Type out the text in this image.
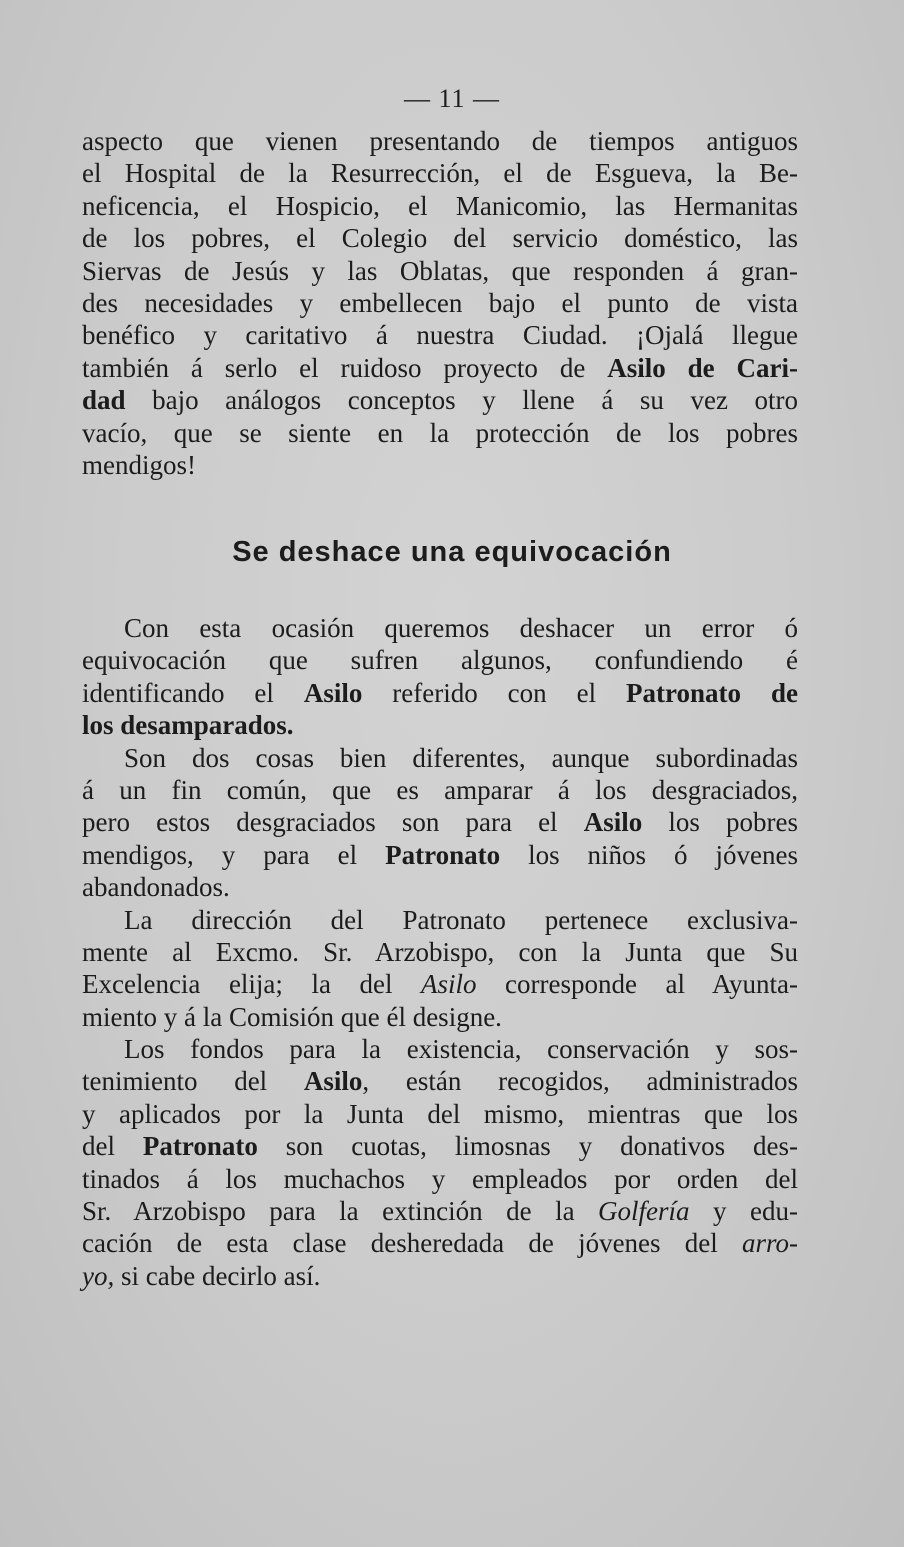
— 11 —
aspecto que vienen presentando de tiempos antiguos
el Hospital de la Resurrección, el de Esgueva, la Be-
neficencia, el Hospicio, el Manicomio, las Hermanitas
de los pobres, el Colegio del servicio doméstico, las
Siervas de Jesús y las Oblatas, que responden á gran-
des necesidades y embellecen bajo el punto de vista
benéfico y caritativo á nuestra Ciudad. ¡Ojalá llegue
también á serlo el ruidoso proyecto de Asilo de Cari-
dad bajo análogos conceptos y llene á su vez otro
vacío, que se siente en la protección de los pobres
mendigos!
Se deshace una equivocación
Con esta ocasión queremos deshacer un error ó
equivocación que sufren algunos, confundiendo é
identificando el Asilo referido con el Patronato de
los desamparados.
Son dos cosas bien diferentes, aunque subordinadas
á un fin común, que es amparar á los desgraciados,
pero estos desgraciados son para el Asilo los pobres
mendigos, y para el Patronato los niños ó jóvenes
abandonados.
La dirección del Patronato pertenece exclusiva-
mente al Excmo. Sr. Arzobispo, con la Junta que Su
Excelencia elija; la del Asilo corresponde al Ayunta-
miento y á la Comisión que él designe.
Los fondos para la existencia, conservación y sos-
tenimiento del Asilo, están recogidos, administrados
y aplicados por la Junta del mismo, mientras que los
del Patronato son cuotas, limosnas y donativos des-
tinados á los muchachos y empleados por orden del
Sr. Arzobispo para la extinción de la Golfería y edu-
cación de esta clase desheredada de jóvenes del arro-
yo, si cabe decirlo así.
